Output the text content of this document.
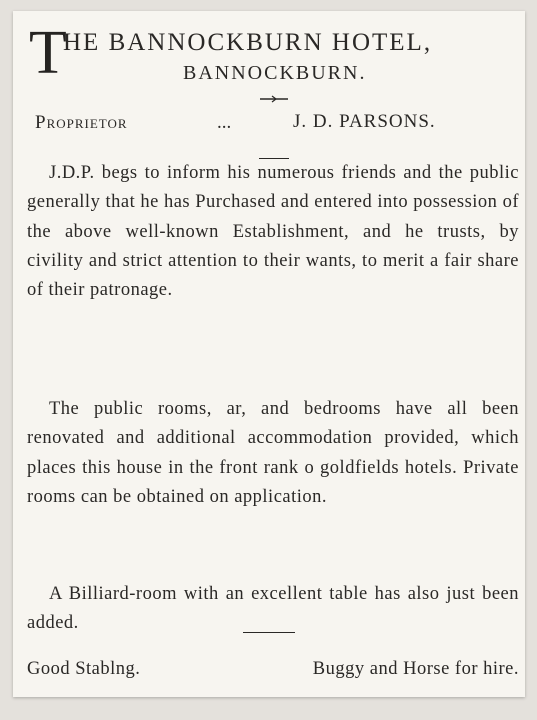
T
HE BANNOCKBURN HOTEL,
BANNOCKBURN.
Proprietor	...	J. D. PARSONS.

J.D.P. begs to inform his numerous friends and the public generally that he has Purchased and entered into possession of the above well-known Establishment, and he trusts, by civility and strict attention to their wants, to merit a fair share of their patronage.

The public rooms, ar, and bedrooms have all been renovated and additional accommodation provided, which places this house in the front rank o goldfields hotels. Private rooms can be obtained on application.

A Billiard-room with an excellent table has also just been added.

Good Stablng.	Buggy and Horse for hire.
